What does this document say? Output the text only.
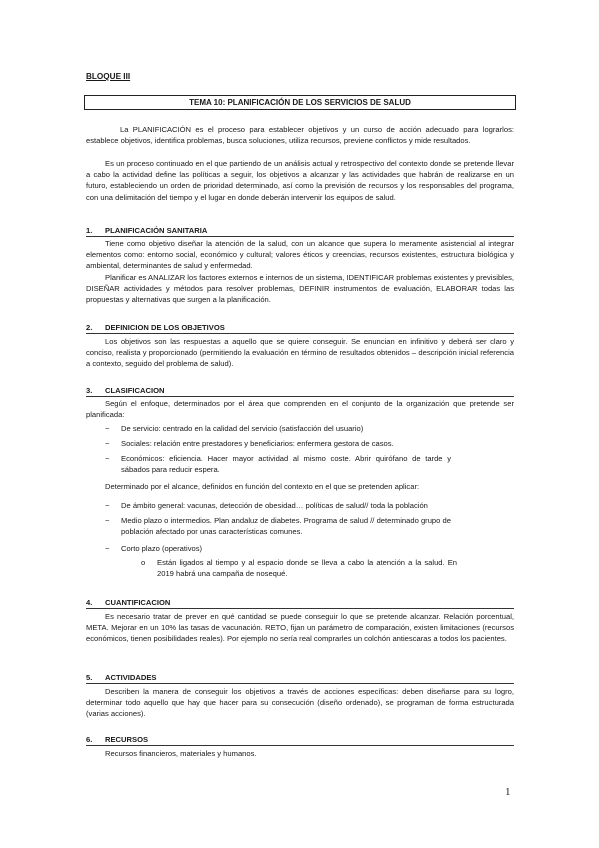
BLOQUE III
TEMA 10: PLANIFICACIÓN DE LOS SERVICIOS DE SALUD

La PLANIFICACIÓN es el proceso para establecer objetivos y un curso de acción adecuado para lograrlos: establece objetivos, identifica problemas, busca soluciones, utiliza recursos, previene conflictos y mide resultados.

Es un proceso continuado en el que partiendo de un análisis actual y retrospectivo del contexto donde se pretende llevar a cabo la actividad define las políticas a seguir, los objetivos a alcanzar y las actividades que habrán de realizarse en un futuro, estableciendo un orden de prioridad determinado, así como la previsión de recursos y los responsables del programa, con una delimitación del tiempo y el lugar en donde deberán intervenir los equipos de salud.

1. PLANIFICACIÓN SANITARIA

Tiene como objetivo diseñar la atención de la salud, con un alcance que supera lo meramente asistencial al integrar elementos como: entorno social, económico y cultural; valores éticos y creencias, recursos existentes, estructura biológica y ambiental, determinantes de salud y enfermedad.

Planificar es ANALIZAR los factores externos e internos de un sistema, IDENTIFICAR problemas existentes y previsibles, DISEÑAR actividades y métodos para resolver problemas, DEFINIR instrumentos de evaluación, ELABORAR todas las propuestas y alternativas que surgen a la planificación.

2. DEFINICION DE LOS OBJETIVOS

Los objetivos son las respuestas a aquello que se quiere conseguir. Se enuncian en infinitivo y deberá ser claro y conciso, realista y proporcionado (permitiendo la evaluación en término de resultados obtenidos – descripción inicial referencia a contexto, seguido del problema de salud).

3. CLASIFICACION

Según el enfoque, determinados por el área que comprenden en el conjunto de la organización que pretende ser planificada:

− De servicio: centrado en la calidad del servicio (satisfacción del usuario)
− Sociales: relación entre prestadores y beneficiarios: enfermera gestora de casos.
− Económicos: eficiencia. Hacer mayor actividad al mismo coste. Abrir quirófano de tarde y sábados para reducir espera.

Determinado por el alcance, definidos en función del contexto en el que se pretenden aplicar:

− De ámbito general: vacunas, detección de obesidad… políticas de salud// toda la población
− Medio plazo o intermedios. Plan andaluz de diabetes. Programa de salud // determinado grupo de población afectado por unas características comunes.
− Corto plazo (operativos)
o Están ligados al tiempo y al espacio donde se lleva a cabo la atención a la salud. En 2019 habrá una campaña de nosequé.
4. CUANTIFICACION

Es necesario tratar de prever en qué cantidad se puede conseguir lo que se pretende alcanzar. Relación porcentual, META. Mejorar en un 10% las tasas de vacunación. RETO, fijan un parámetro de comparación, existen limitaciones (recursos económicos, tienen posibilidades reales). Por ejemplo no sería real comprarles un colchón antiescaras a todos los pacientes.

5. ACTIVIDADES

Describen la manera de conseguir los objetivos a través de acciones específicas: deben diseñarse para su logro, determinar todo aquello que hay que hacer para su consecución (diseño ordenado), se programan de forma estructurada (varias acciones).

6. RECURSOS

Recursos financieros, materiales y humanos.

1
